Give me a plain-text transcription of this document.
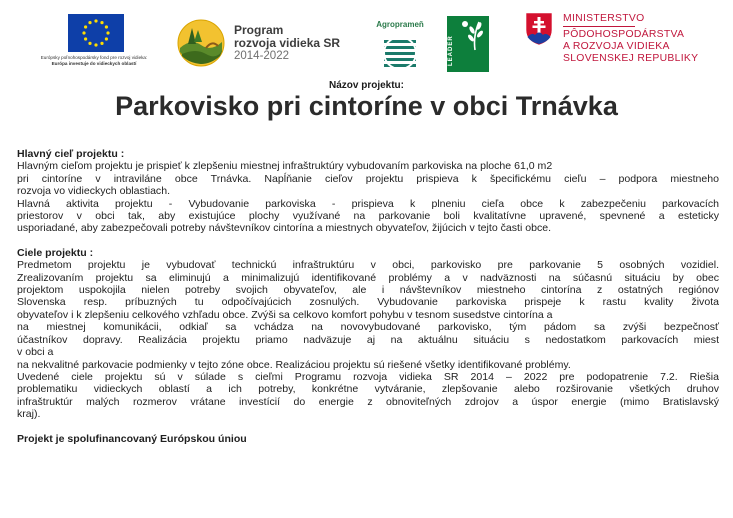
Európsky poľnohospodársky fond pre rozvoj vidieka:
Európa investuje do vidieckych oblastí
Program
rozvoja vidieka SR
2014-2022
Agroprameň
LEADER
MINISTERSTVO
PÔDOHOSPODÁRSTVA
A ROZVOJA VIDIEKA
SLOVENSKEJ REPUBLIKY
Názov projektu:
Parkovisko pri cintoríne v obci Trnávka

Hlavný cieľ projektu :

Hlavným cieľom projektu je prispieť k zlepšeniu miestnej infraštruktúry vybudovaním parkoviska na ploche 61,0 m2

pri cintoríne v intraviláne obce Trnávka. Napĺňanie cieľov projektu prispieva k špecifickému cieľu – podpora miestneho

rozvoja vo vidieckych oblastiach.

Hlavná aktivita projektu - Vybudovanie parkoviska - prispieva k plneniu cieľa obce k zabezpečeniu parkovacích

priestorov v obci tak, aby existujúce plochy využívané na parkovanie boli kvalitatívne upravené, spevnené a esteticky

usporiadané, aby zabezpečovali potreby návštevníkov cintorína a miestnych obyvateľov, žijúcich v tejto časti obce.

Ciele projektu :

Predmetom projektu je vybudovať technickú infraštruktúru v obci, parkovisko pre parkovanie 5 osobných vozidiel.

Zrealizovaním projektu sa eliminujú a minimalizujú identifikované problémy a v nadväznosti na súčasnú situáciu by obec

projektom uspokojila nielen potreby svojich obyvateľov, ale i návštevníkov miestneho cintorína z ostatných regiónov

Slovenska resp. príbuzných tu odpočívajúcich zosnulých. Vybudovanie parkoviska prispeje k rastu kvality života

obyvateľov i k zlepšeniu celkového vzhľadu obce. Zvýši sa celkovo komfort pohybu v tesnom susedstve cintorína a

na miestnej komunikácii, odkiaľ sa vchádza na novovybudované parkovisko, tým pádom sa zvýši bezpečnosť

účastníkov dopravy. Realizácia projektu priamo nadväzuje aj na aktuálnu situáciu s nedostatkom parkovacích miest

v obci a

na nekvalitné parkovacie podmienky v tejto zóne obce. Realizáciou projektu sú riešené všetky identifikované problémy.

Uvedené ciele projektu sú v súlade s cieľmi Programu rozvoja vidieka SR 2014 – 2022 pre podopatrenie 7.2. Riešia

problematiku vidieckych oblastí a ich potreby, konkrétne vytváranie, zlepšovanie alebo rozširovanie všetkých druhov

infraštruktúr malých rozmerov vrátane investícií do energie z obnoviteľných zdrojov a úspor energie (mimo Bratislavský

kraj).

Projekt je spolufinancovaný Európskou úniou
